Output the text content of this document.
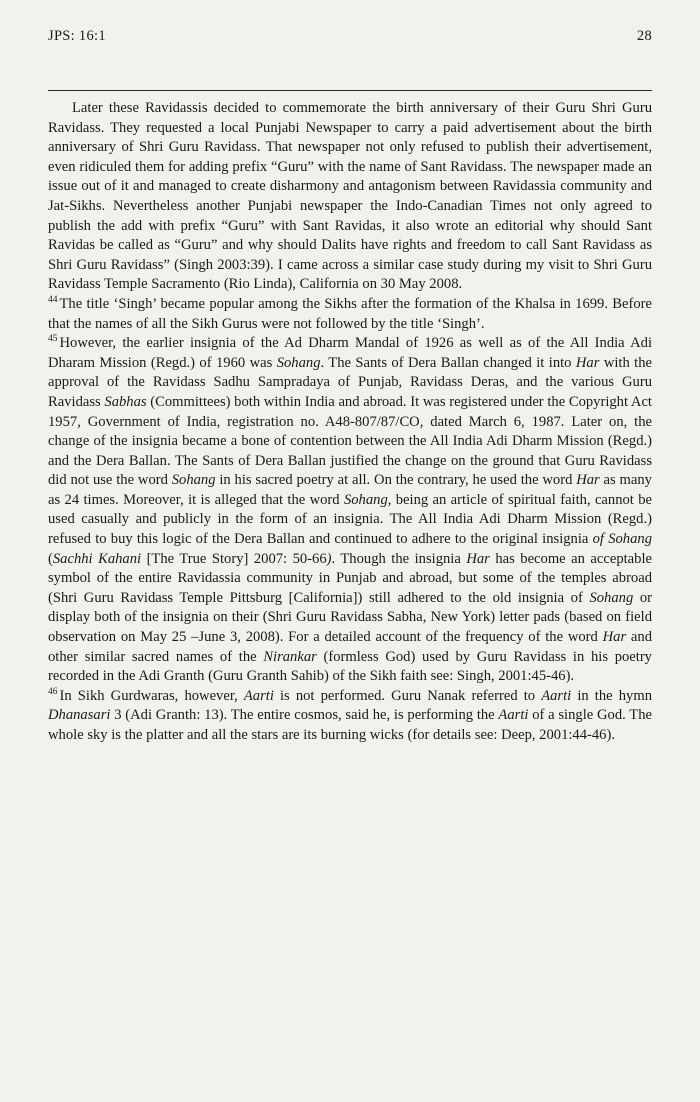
JPS: 16:1	28

Later these Ravidassis decided to commemorate the birth anniversary of their Guru Shri Guru Ravidass. They requested a local Punjabi Newspaper to carry a paid advertisement about the birth anniversary of Shri Guru Ravidass. That newspaper not only refused to publish their advertisement, even ridiculed them for adding prefix “Guru” with the name of Sant Ravidass. The newspaper made an issue out of it and managed to create disharmony and antagonism between Ravidassia community and Jat-Sikhs. Nevertheless another Punjabi newspaper the Indo-Canadian Times not only agreed to publish the add with prefix “Guru” with Sant Ravidas, it also wrote an editorial why should Sant Ravidas be called as “Guru” and why should Dalits have rights and freedom to call Sant Ravidass as Shri Guru Ravidass” (Singh 2003:39). I came across a similar case study during my visit to Shri Guru Ravidass Temple Sacramento (Rio Linda), California on 30 May 2008.

$^{44}$ The title ‘Singh’ became popular among the Sikhs after the formation of the Khalsa in 1699. Before that the names of all the Sikh Gurus were not followed by the title ‘Singh’.

$^{45}$ However, the earlier insignia of the Ad Dharm Mandal of 1926 as well as of the All India Adi Dharam Mission (Regd.) of 1960 was Sohang. The Sants of Dera Ballan changed it into Har with the approval of the Ravidass Sadhu Sampradaya of Punjab, Ravidass Deras, and the various Guru Ravidass Sabhas (Committees) both within India and abroad. It was registered under the Copyright Act 1957, Government of India, registration no. A48-807/87/CO, dated March 6, 1987. Later on, the change of the insignia became a bone of contention between the All India Adi Dharm Mission (Regd.) and the Dera Ballan. The Sants of Dera Ballan justified the change on the ground that Guru Ravidass did not use the word Sohang in his sacred poetry at all. On the contrary, he used the word Har as many as 24 times. Moreover, it is alleged that the word Sohang, being an article of spiritual faith, cannot be used casually and publicly in the form of an insignia. The All India Adi Dharm Mission (Regd.) refused to buy this logic of the Dera Ballan and continued to adhere to the original insignia of Sohang (Sachhi Kahani [The True Story] 2007: 50-66). Though the insignia Har has become an acceptable symbol of the entire Ravidassia community in Punjab and abroad, but some of the temples abroad (Shri Guru Ravidass Temple Pittsburg [California]) still adhered to the old insignia of Sohang or display both of the insignia on their (Shri Guru Ravidass Sabha, New York) letter pads (based on field observation on May 25 –June 3, 2008). For a detailed account of the frequency of the word Har and other similar sacred names of the Nirankar (formless God) used by Guru Ravidass in his poetry recorded in the Adi Granth (Guru Granth Sahib) of the Sikh faith see: Singh, 2001:45-46).

$^{46}$ In Sikh Gurdwaras, however, Aarti is not performed. Guru Nanak referred to Aarti in the hymn Dhanasari 3 (Adi Granth: 13). The entire cosmos, said he, is performing the Aarti of a single God. The whole sky is the platter and all the stars are its burning wicks (for details see: Deep, 2001:44-46).
